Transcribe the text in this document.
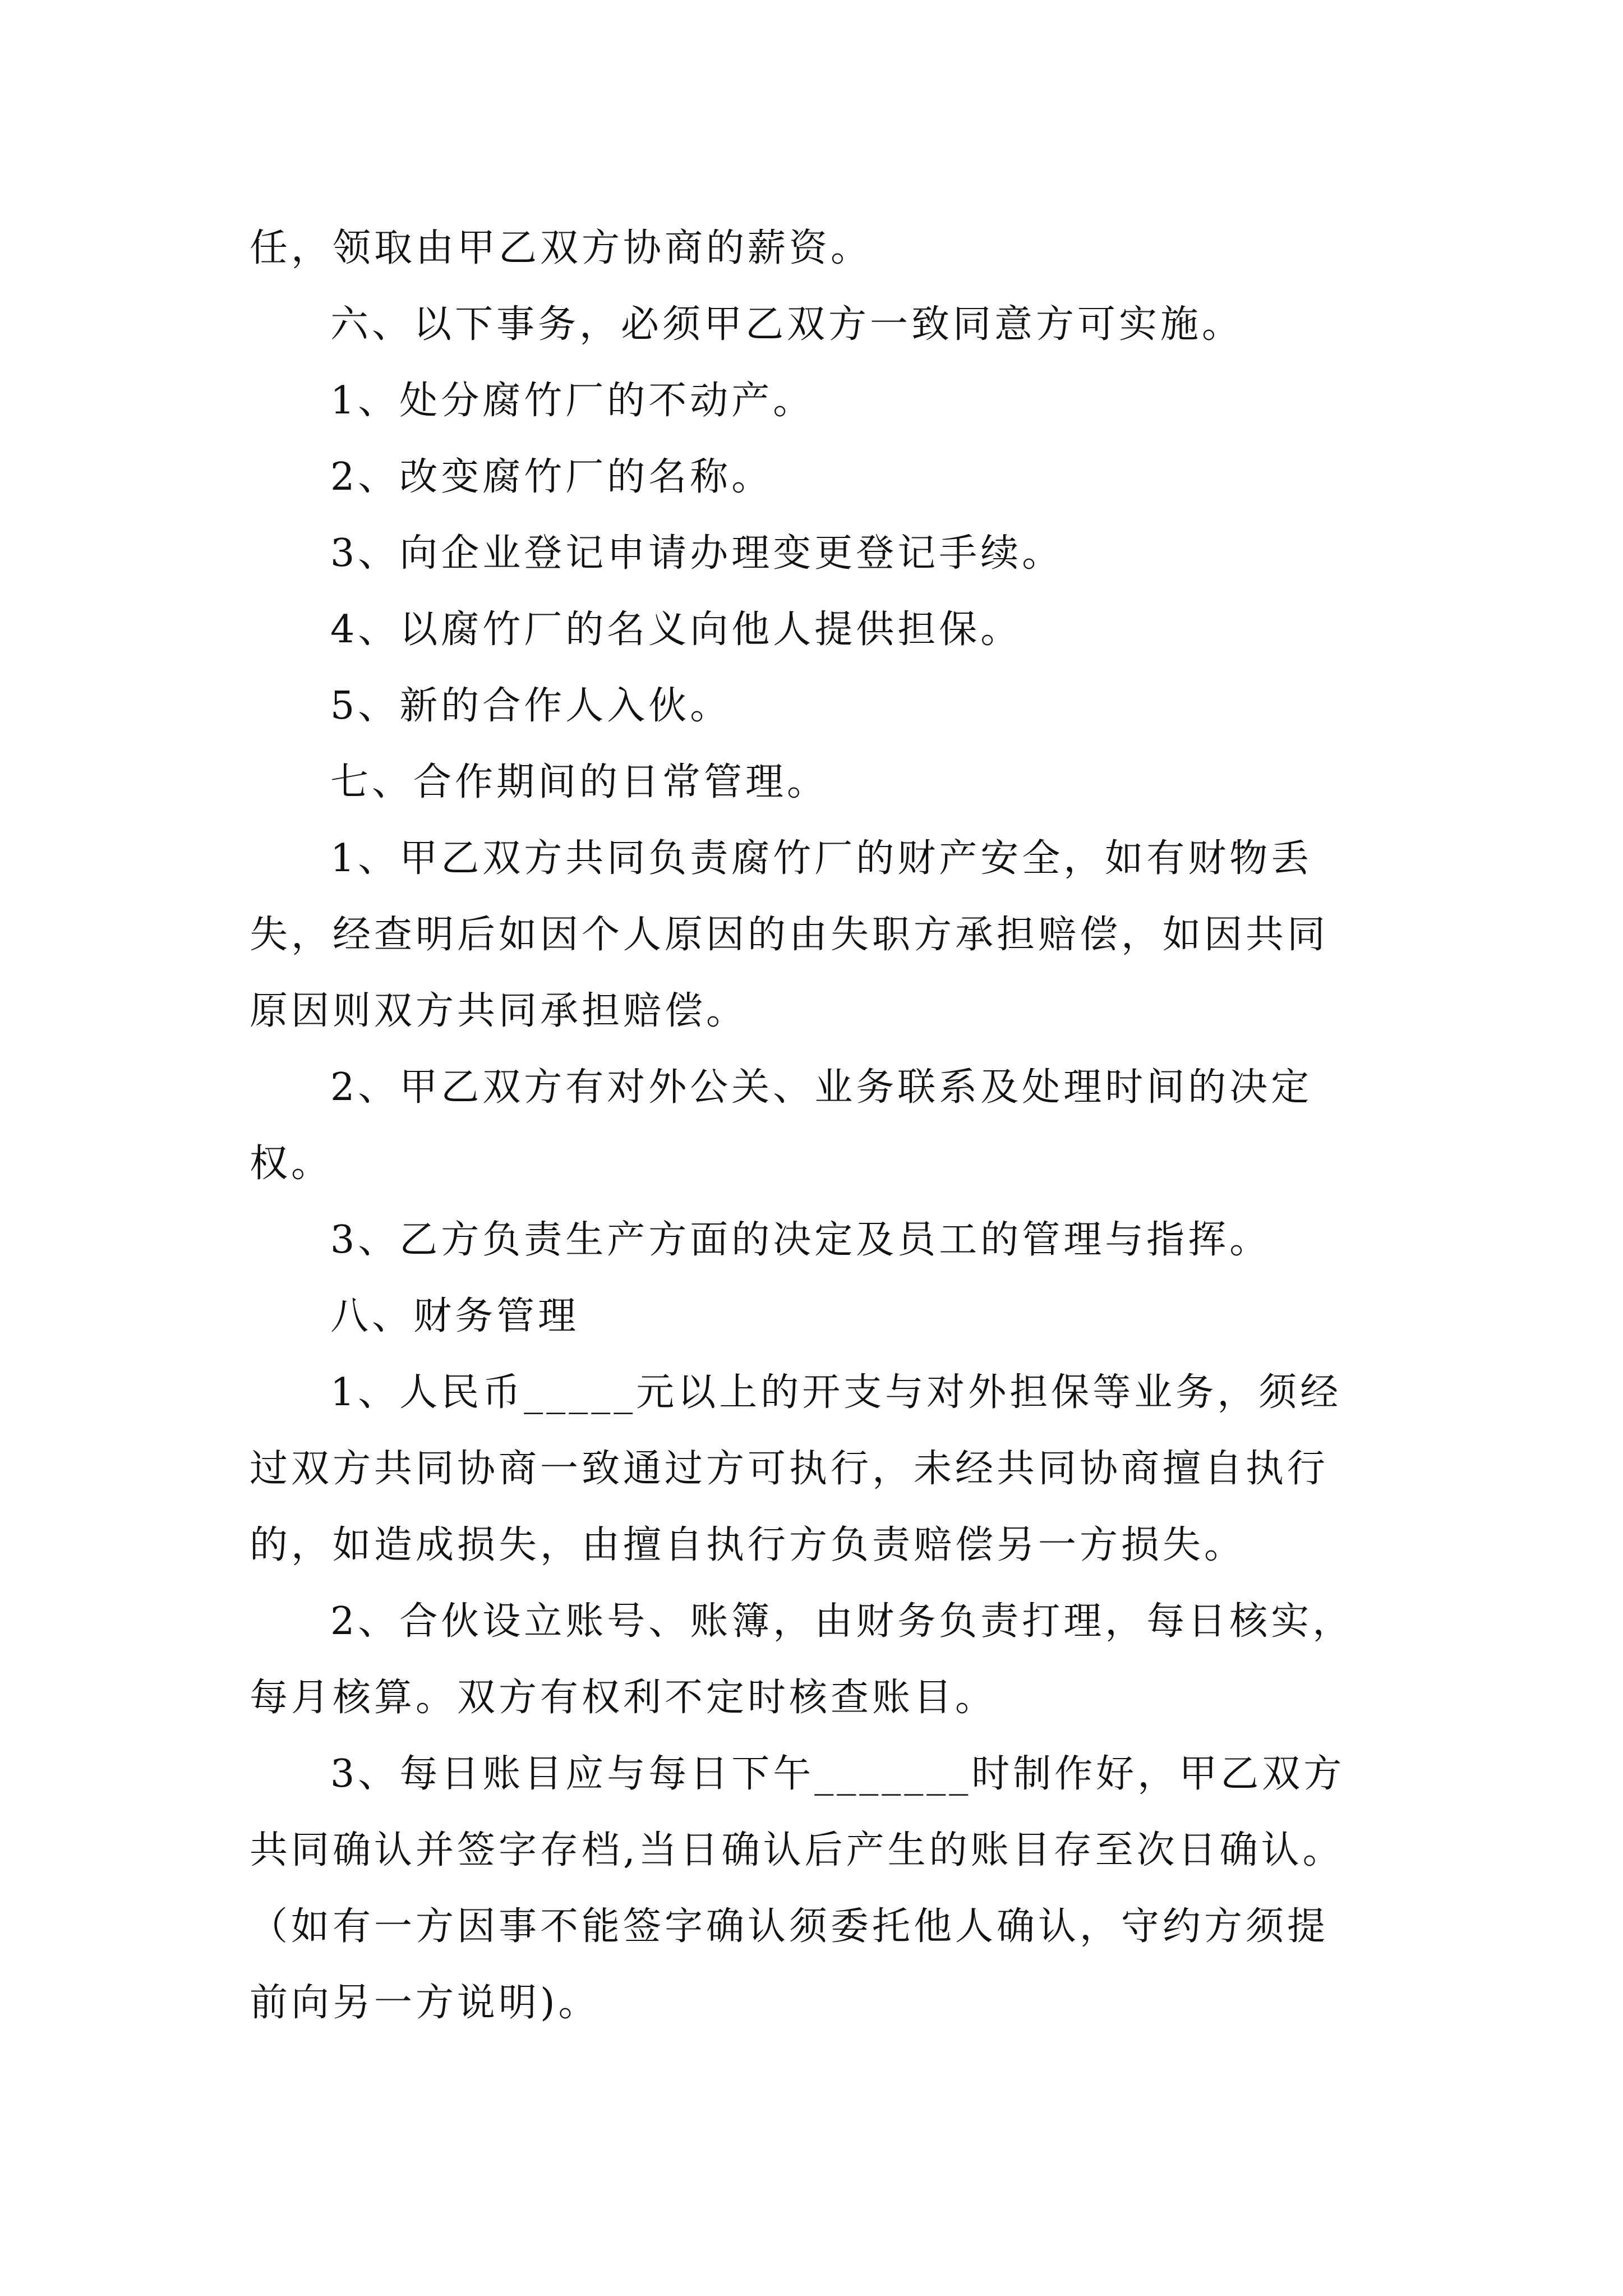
任，领取由甲乙双方协商的薪资。
六、以下事务，必须甲乙双方一致同意方可实施。
1、处分腐竹厂的不动产。
2、改变腐竹厂的名称。
3、向企业登记申请办理变更登记手续。
4、以腐竹厂的名义向他人提供担保。
5、新的合作人入伙。
七、合作期间的日常管理。
1、甲乙双方共同负责腐竹厂的财产安全，如有财物丢
失，经查明后如因个人原因的由失职方承担赔偿，如因共同
原因则双方共同承担赔偿。
2、甲乙双方有对外公关、业务联系及处理时间的决定
权。
3、乙方负责生产方面的决定及员工的管理与指挥。
八、财务管理
1、人民币_____元以上的开支与对外担保等业务，须经
过双方共同协商一致通过方可执行，未经共同协商擅自执行
的，如造成损失，由擅自执行方负责赔偿另一方损失。
2、合伙设立账号、账簿，由财务负责打理，每日核实，
每月核算。双方有权利不定时核查账目。
3、每日账目应与每日下午_______时制作好，甲乙双方
共同确认并签字存档,当日确认后产生的账目存至次日确认。
（如有一方因事不能签字确认须委托他人确认，守约方须提
前向另一方说明)。
